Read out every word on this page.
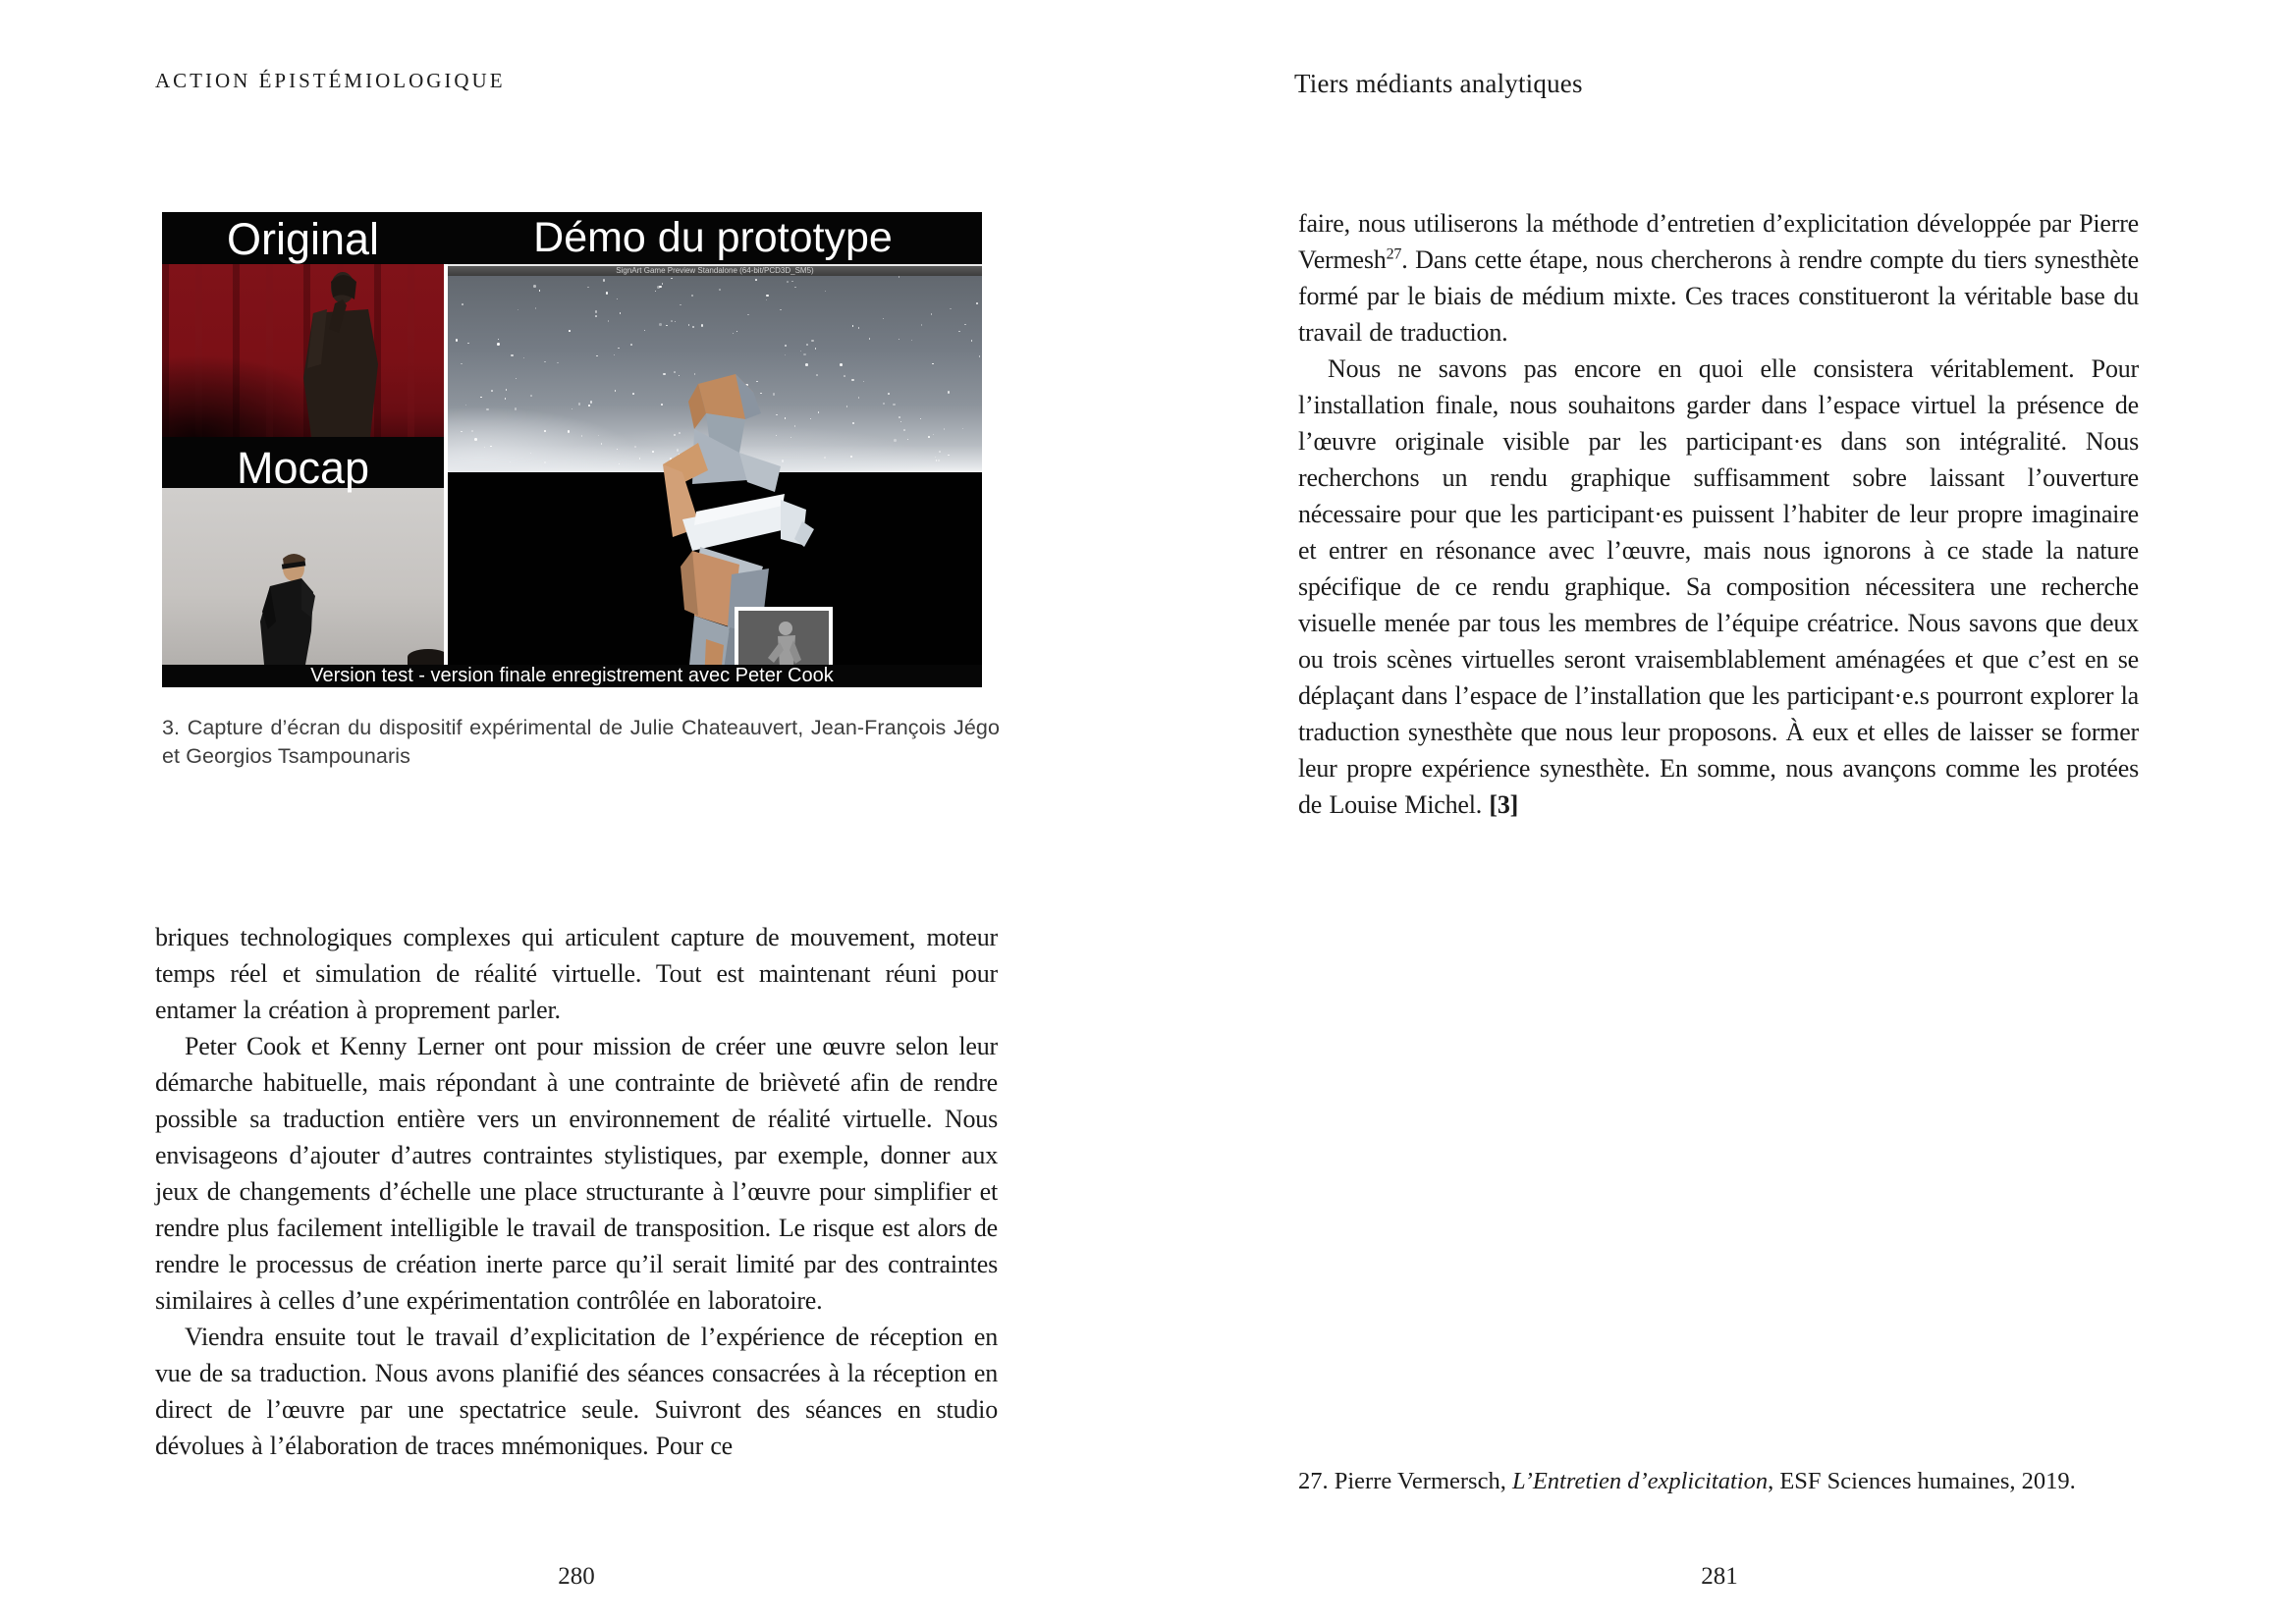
ACTION ÉPISTÉMIOLOGIQUE	Tiers médiants analytiques
Original	Démo du prototype
Mocap
SignArt Game Preview Standalone (64-bit/PCD3D_SM5)
Version test - version finale enregistrement avec Peter Cook
3. Capture d’écran du dispositif expérimental de Julie Chateauvert, Jean-François Jégo et Georgios Tsampounaris

briques technologiques complexes qui articulent capture de mouvement, moteur temps réel et simulation de réalité virtuelle. Tout est maintenant réuni pour entamer la création à proprement parler.

Peter Cook et Kenny Lerner ont pour mission de créer une œuvre selon leur démarche habituelle, mais répondant à une contrainte de brièveté afin de rendre possible sa traduction entière vers un environnement de réalité virtuelle. Nous envisageons d’ajouter d’autres contraintes stylistiques, par exemple, donner aux jeux de changements d’échelle une place structurante à l’œuvre pour simplifier et rendre plus facilement intelligible le travail de transposition. Le risque est alors de rendre le processus de création inerte parce qu’il serait limité par des contraintes similaires à celles d’une expérimentation contrôlée en laboratoire.

Viendra ensuite tout le travail d’explicitation de l’expérience de réception en vue de sa traduction. Nous avons planifié des séances consacrées à la réception en direct de l’œuvre par une spectatrice seule. Suivront des séances en studio dévolues à l’élaboration de traces mnémoniques. Pour ce

faire, nous utiliserons la méthode d’entretien d’explicitation développée par Pierre Vermesh$^{27}$. Dans cette étape, nous chercherons à rendre compte du tiers synesthète formé par le biais de médium mixte. Ces traces constitueront la véritable base du travail de traduction.

Nous ne savons pas encore en quoi elle consistera véritablement. Pour l’installation finale, nous souhaitons garder dans l’espace virtuel la présence de l’œuvre originale visible par les participant·es dans son intégralité. Nous recherchons un rendu graphique suffisamment sobre laissant l’ouverture nécessaire pour que les participant·es puissent l’habiter de leur propre imaginaire et entrer en résonance avec l’œuvre, mais nous ignorons à ce stade la nature spécifique de ce rendu graphique. Sa composition nécessitera une recherche visuelle menée par tous les membres de l’équipe créatrice. Nous savons que deux ou trois scènes virtuelles seront vraisemblablement aménagées et que c’est en se déplaçant dans l’espace de l’installation que les participant·e.s pourront explorer la traduction synesthète que nous leur proposons. À eux et elles de laisser se former leur propre expérience synesthète. En somme, nous avançons comme les protées de Louise Michel. [3]

27. Pierre Vermersch, L’Entretien d’explicitation, ESF Sciences humaines, 2019.
280	281
